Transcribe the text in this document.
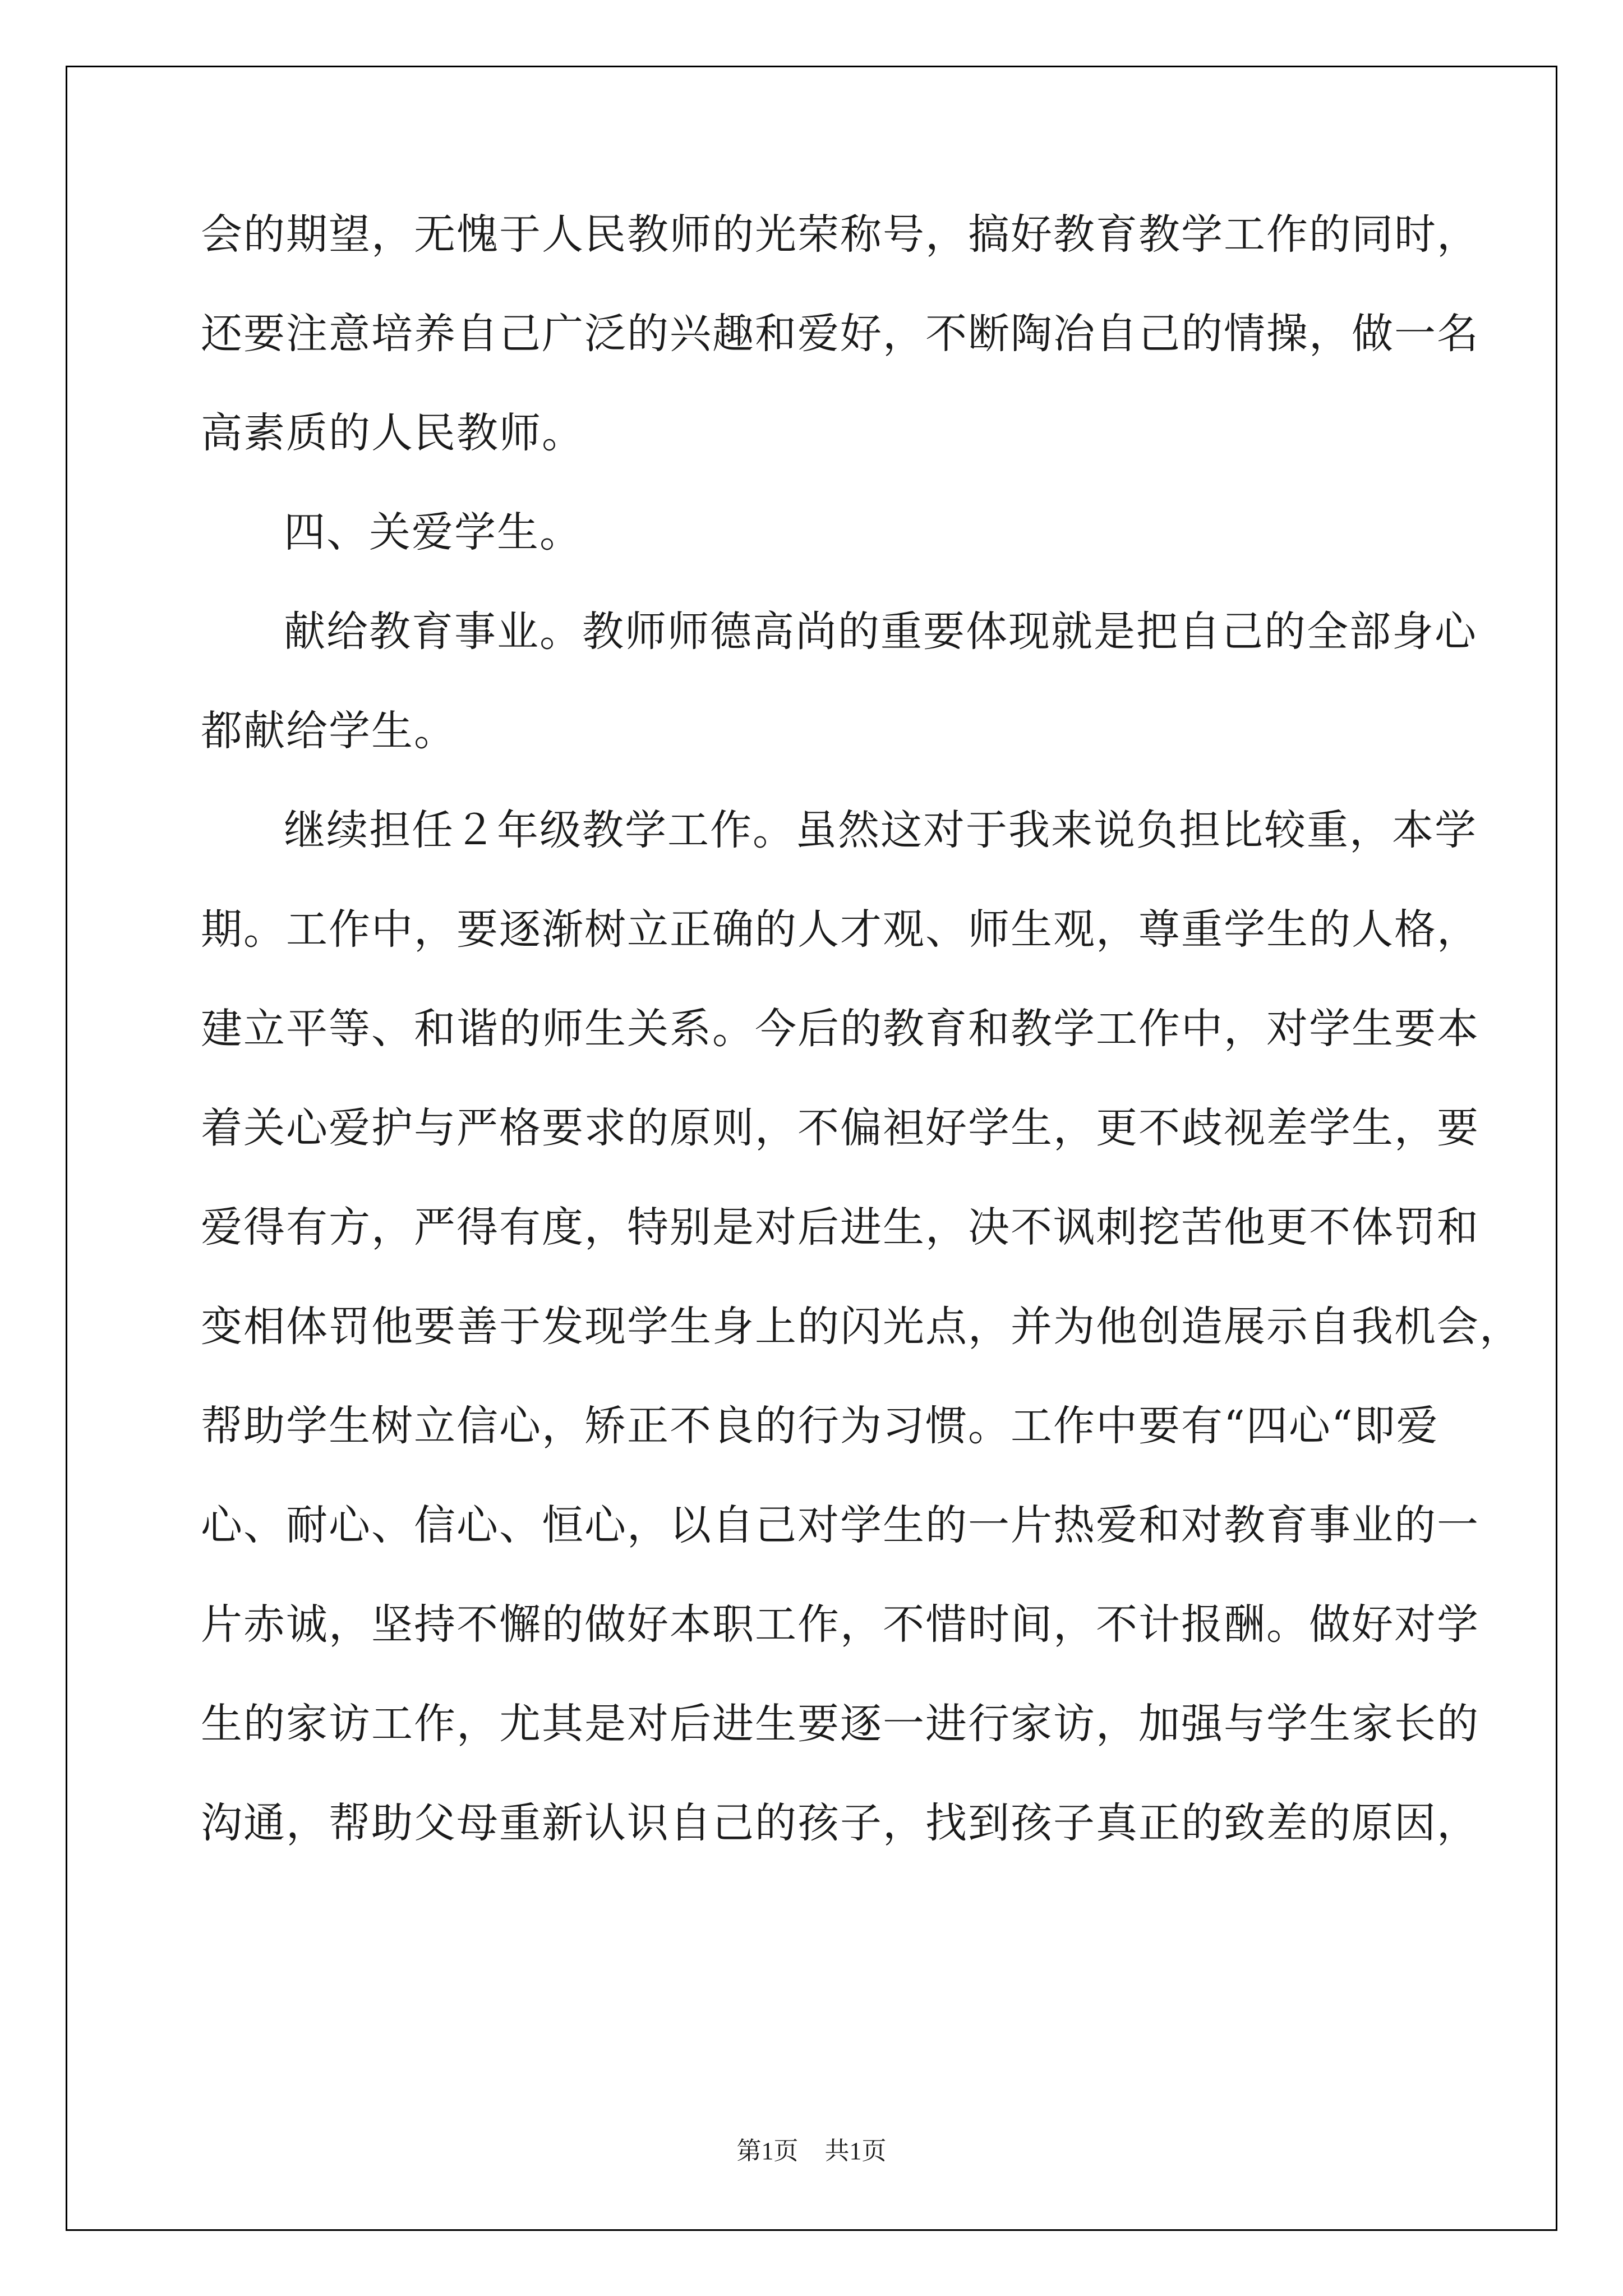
会的期望，无愧于人民教师的光荣称号，搞好教育教学工作的同时，
还要注意培养自己广泛的兴趣和爱好，不断陶冶自己的情操，做一名
高素质的人民教师。
四、关爱学生。
献给教育事业。教师师德高尚的重要体现就是把自己的全部身心
都献给学生。
继续担任２年级教学工作。虽然这对于我来说负担比较重，本学
期。工作中，要逐渐树立正确的人才观、师生观，尊重学生的人格，
建立平等、和谐的师生关系。今后的教育和教学工作中，对学生要本
着关心爱护与严格要求的原则，不偏袒好学生，更不歧视差学生，要
爱得有方，严得有度，特别是对后进生，决不讽刺挖苦他更不体罚和
变相体罚他要善于发现学生身上的闪光点，并为他创造展示自我机会，
帮助学生树立信心，矫正不良的行为习惯。工作中要有“四心“即爱
心、耐心、信心、恒心，以自己对学生的一片热爱和对教育事业的一
片赤诚，坚持不懈的做好本职工作，不惜时间，不计报酬。做好对学
生的家访工作，尤其是对后进生要逐一进行家访，加强与学生家长的
沟通，帮助父母重新认识自己的孩子，找到孩子真正的致差的原因，
第1页 共1页
